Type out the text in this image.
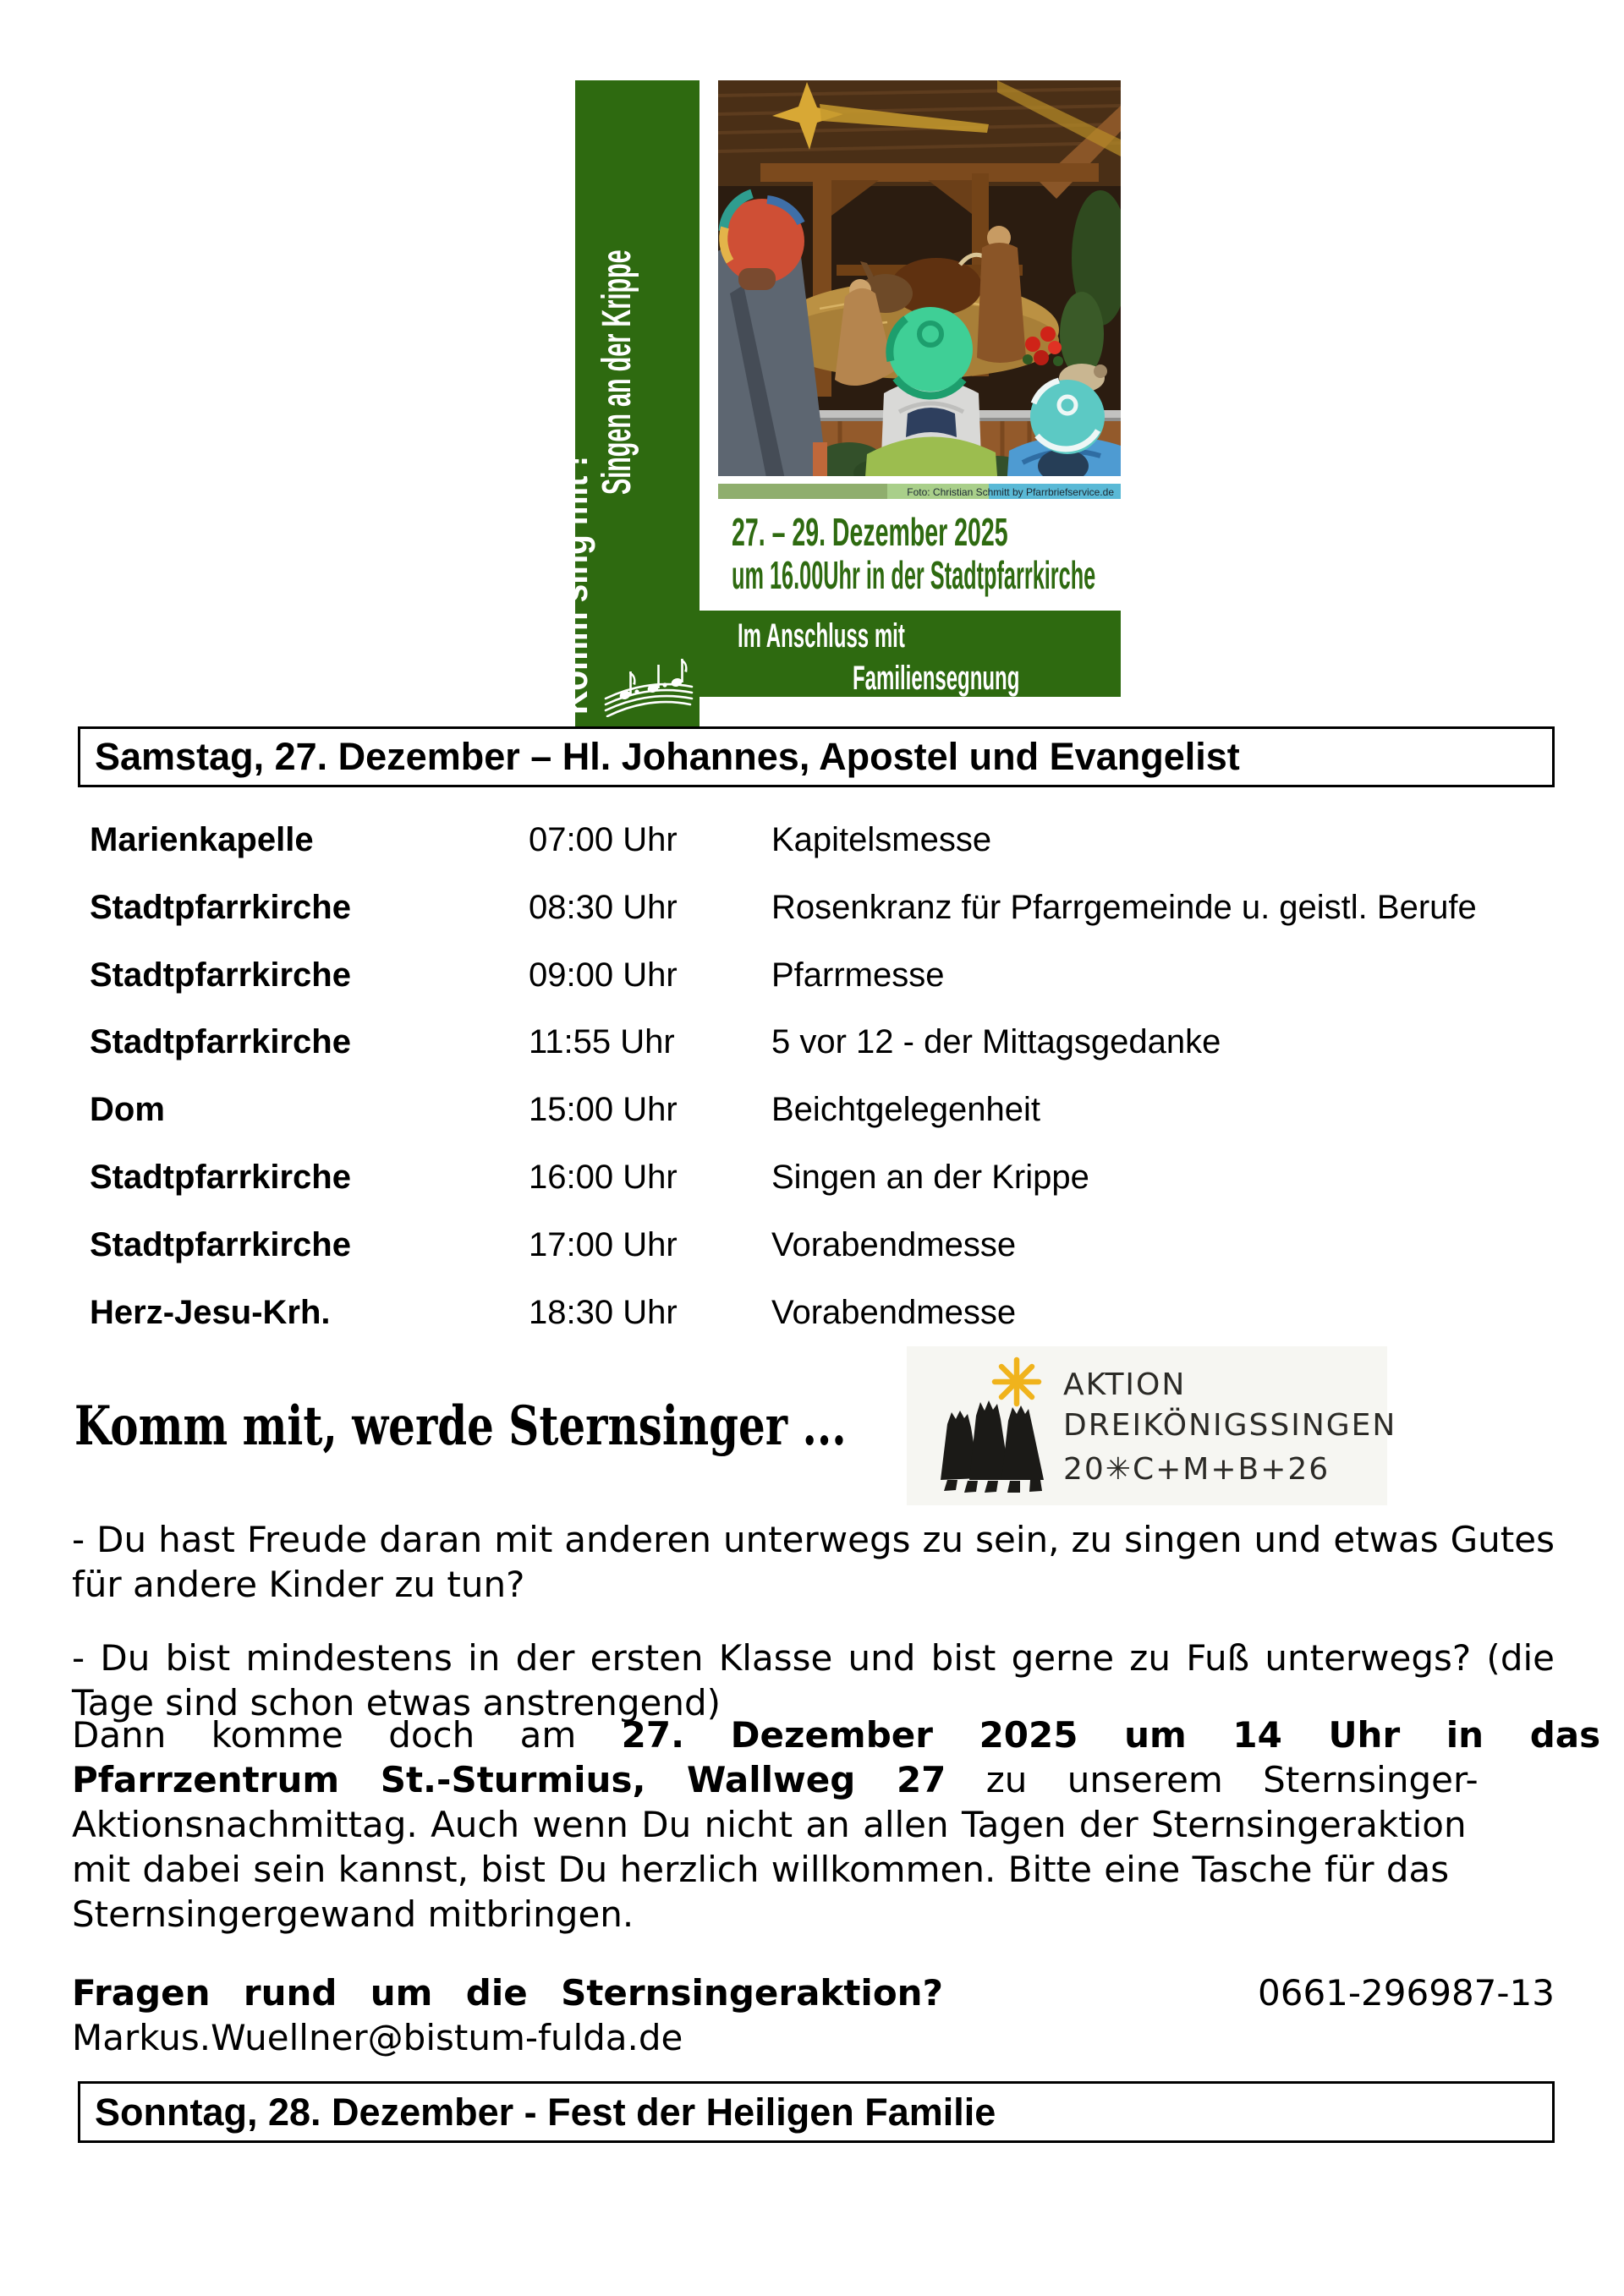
Komm sing mit !
Singen an der Krippe	Foto: Christian Schmitt by Pfarrbriefservice.de
27. – 29. Dezember 2025
um 16.00Uhr in der Stadtpfarrkirche
Im Anschluss mit
Familiensegnung
Samstag, 27. Dezember – Hl. Johannes, Apostel und Evangelist
Marienkapelle	07:00 Uhr	Kapitelsmesse
Stadtpfarrkirche	08:30 Uhr	Rosenkranz für Pfarrgemeinde u. geistl. Berufe
Stadtpfarrkirche	09:00 Uhr	Pfarrmesse
Stadtpfarrkirche	11:55 Uhr	5 vor 12 - der Mittagsgedanke
Dom	15:00 Uhr	Beichtgelegenheit
Stadtpfarrkirche	16:00 Uhr	Singen an der Krippe
Stadtpfarrkirche	17:00 Uhr	Vorabendmesse
Herz-Jesu-Krh.	18:30 Uhr	Vorabendmesse
Komm mit, werde Sternsinger ...
AKTION
DREIKÖNIGSSINGEN
20✳C+M+B+26

- Du hast Freude daran mit anderen unterwegs zu sein, zu singen und etwas Gutes für andere Kinder zu tun?

- Du bist mindestens in der ersten Klasse und bist gerne zu Fuß unterwegs? (die Tage sind schon etwas anstrengend)

Dann komme doch am 27. Dezember 2025 um 14 Uhr in das
Pfarrzentrum St.-Sturmius, Wallweg 27 zu unserem Sternsinger-
Aktionsnachmittag. Auch wenn Du nicht an allen Tagen der Sternsingeraktion
mit dabei sein kannst, bist Du herzlich willkommen. Bitte eine Tasche für das
Sternsingergewand mitbringen.
Fragen rund um die Sternsingeraktion?	0661-296987-13
Markus.Wuellner@bistum-fulda.de
Sonntag, 28. Dezember - Fest der Heiligen Familie
